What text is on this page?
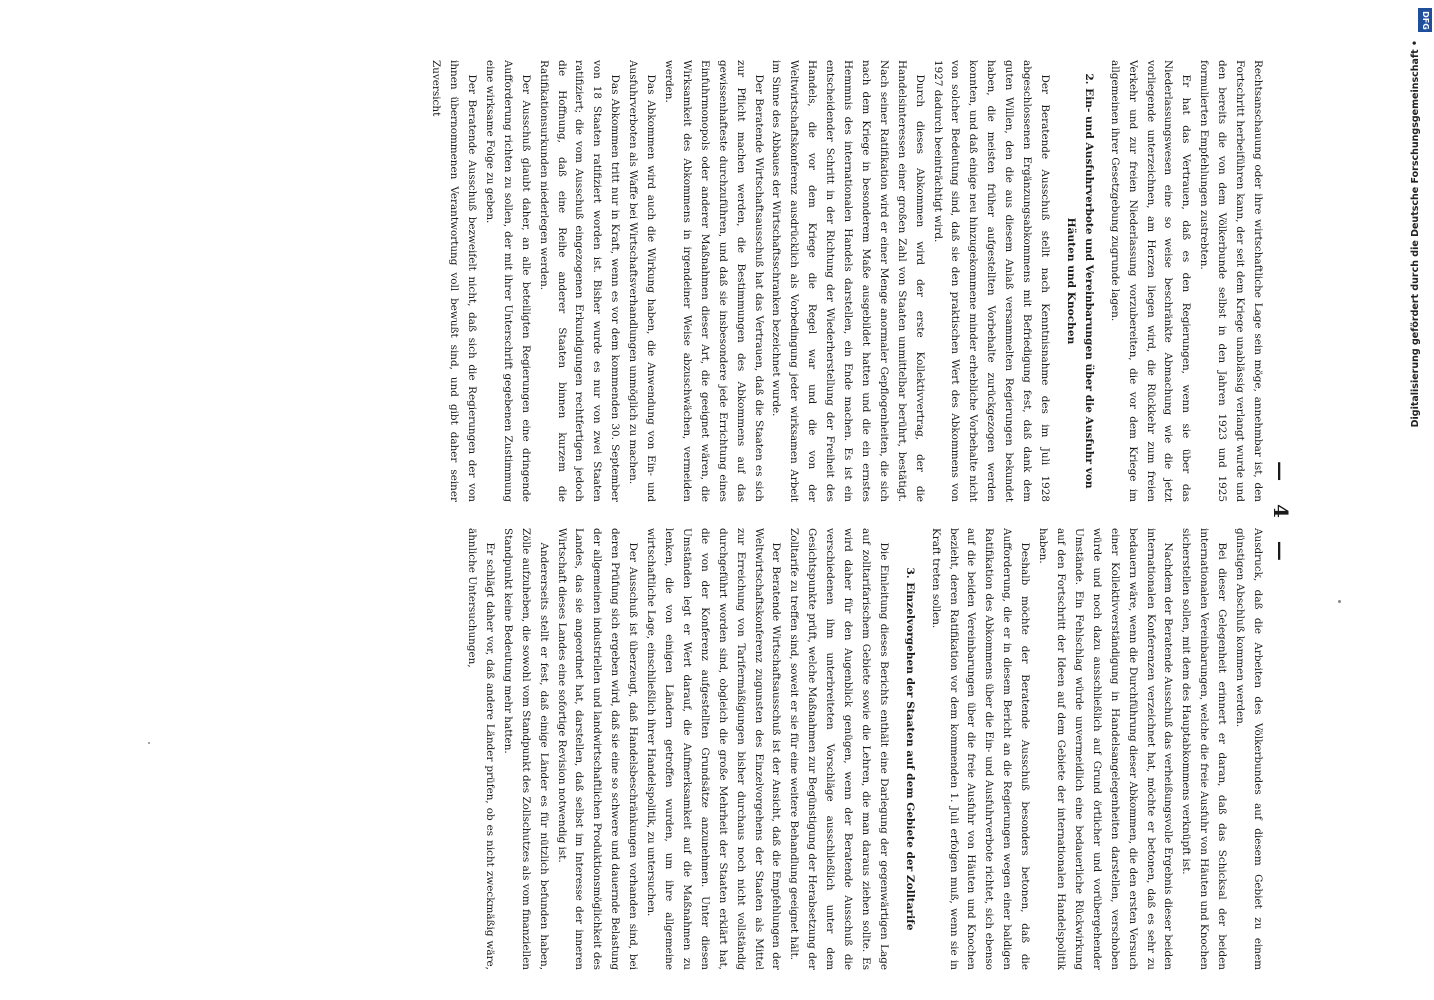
— 4 —

Rechtsanschauung oder ihre wirtschaftliche Lage sein möge, annehmbar ist, den Fortschritt herbeiführen kann, der seit dem Kriege unablässig verlangt wurde und den bereits die von dem Völkerbunde selbst in den Jahren 1923 und 1925 formulierten Empfehlungen zustrebten.

Er hat das Vertrauen, daß es den Regierungen, wenn sie über das Niederlassungswesen eine so weise beschränkte Abmachung wie die jetzt vorliegende unterzeichnen, am Herzen liegen wird, die Rückkehr zum freien Verkehr und zur freien Niederlassung vorzubereiten, die vor dem Kriege im allgemeinen ihrer Gesetzgebung zugrunde lagen.

2. Ein- und Ausfuhrverbote und Vereinbarungen über die Ausfuhr von Häuten und Knochen

Der Beratende Ausschuß stellt nach Kenntnisnahme des im Juli 1928 abgeschlossenen Ergänzungsabkommens mit Befriedigung fest, daß dank dem guten Willen, den die aus diesem Anlaß versammelten Regierungen bekundet haben, die meisten früher aufgestellten Vorbehalte zurückgezogen werden konnten, und daß einige neu hinzugekommene minder erhebliche Vorbehalte nicht von solcher Bedeutung sind, daß sie den praktischen Wert des Abkommens von 1927 dadurch beeinträchtigt wird.

Durch dieses Abkommen wird der erste Kollektivvertrag, der die Handelsinteressen einer großen Zahl von Staaten unmittelbar berührt, bestätigt. Nach seiner Ratifikation wird er einer Menge anormaler Gepflogenheiten, die sich nach dem Kriege in besonderem Maße ausgebildet hatten und die ein ernstes Hemmnis des internationalen Handels darstellen, ein Ende machen. Es ist ein entscheidender Schritt in der Richtung der Wiederherstellung der Freiheit des Handels, die vor dem Kriege die Regel war und die von der Weltwirtschaftskonferenz ausdrücklich als Vorbedingung jeder wirksamen Arbeit im Sinne des Abbaues der Wirtschaftsschranken bezeichnet wurde.

Der Beratende Wirtschaftsausschuß hat das Vertrauen, daß die Staaten es sich zur Pflicht machen werden, die Bestimmungen des Abkommens auf das gewissenhafteste durchzuführen, und daß sie insbesondere jede Errichtung eines Einfuhrmonopols oder anderer Maßnahmen dieser Art, die geeignet wären, die Wirksamkeit des Abkommens in irgendeiner Weise abzuschwächen, vermeiden werden.

Das Abkommen wird auch die Wirkung haben, die Anwendung von Ein- und Ausfuhrverboten als Waffe bei Wirtschaftsverhandlungen unmöglich zu machen.

Das Abkommen tritt nur in Kraft, wenn es vor dem kommenden 30. September von 18 Staaten ratifiziert worden ist. Bisher wurde es nur von zwei Staaten ratifiziert; die vom Ausschuß eingezogenen Erkundigungen rechtfertigen jedoch die Hoffnung, daß eine Reihe anderer Staaten binnen kurzem die Ratifikationsurkunden niederlegen werden.

Der Ausschuß glaubt daher, an alle beteiligten Regierungen eine dringende Aufforderung richten zu sollen, der mit ihrer Unterschrift gegebenen Zustimmung eine wirksame Folge zu geben.

Der Beratende Ausschuß bezweifelt nicht, daß sich die Regierungen der von ihnen übernommenen Verantwortung voll bewußt sind, und gibt daher seiner Zuversicht

Ausdruck, daß die Arbeiten des Völkerbundes auf diesem Gebiet zu einem günstigen Abschluß kommen werden.

Bei dieser Gelegenheit erinnert er daran, daß das Schicksal der beiden internationalen Vereinbarungen, welche die freie Ausfuhr von Häuten und Knochen sicherstellen sollen, mit dem des Hauptabkommens verknüpft ist.

Nachdem der Beratende Ausschuß das verheißungsvolle Ergebnis dieser beiden internationalen Konferenzen verzeichnet hat, möchte er betonen, daß es sehr zu bedauern wäre, wenn die Durchführung dieser Abkommen, die den ersten Versuch einer Kollektivverständigung in Handelsangelegenheiten darstellen, verschoben würde und noch dazu ausschließlich auf Grund örtlicher und vorübergehender Umstände. Ein Fehlschlag würde unvermeidlich eine bedauerliche Rückwirkung auf den Fortschritt der Ideen auf dem Gebiete der internationalen Handelspolitik haben.

Deshalb möchte der Beratende Ausschuß besonders betonen, daß die Aufforderung, die er in diesem Bericht an die Regierungen wegen einer baldigen Ratifikation des Abkommens über die Ein- und Ausfuhrverbote richtet, sich ebenso auf die beiden Vereinbarungen über die freie Ausfuhr von Häuten und Knochen bezieht, deren Ratifikation vor dem kommenden 1. Juli erfolgen muß, wenn sie in Kraft treten sollen.

3. Einzelvorgehen der Staaten auf dem Gebiete der Zolltarife

Die Einleitung dieses Berichts enthält eine Darlegung der gegenwärtigen Lage auf zolltarifarischem Gebiete sowie die Lehren, die man daraus ziehen sollte. Es wird daher für den Augenblick genügen, wenn der Beratende Ausschuß die verschiedenen ihm unterbreiteten Vorschläge ausschließlich unter dem Gesichtspunkte prüft, welche Maßnahmen zur Begünstigung der Herabsetzung der Zolltarife zu treffen sind, soweit er sie für eine weitere Behandlung geeignet hält.

Der Beratende Wirtschaftsausschuß ist der Ansicht, daß die Empfehlungen der Weltwirtschaftskonferenz zugunsten des Einzelvorgehens der Staaten als Mittel zur Erreichung von Tarifermäßigungen bisher durchaus noch nicht vollständig durchgeführt worden sind, obgleich die große Mehrheit der Staaten erklärt hat, die von der Konferenz aufgestellten Grundsätze anzunehmen. Unter diesen Umständen legt er Wert darauf, die Aufmerksamkeit auf die Maßnahmen zu lenken, die von einigen Ländern getroffen wurden, um ihre allgemeine wirtschaftliche Lage, einschließlich ihrer Handelspolitik, zu untersuchen.

Der Ausschuß ist überzeugt, daß Handelsbeschränkungen vorhanden sind, bei deren Prüfung sich ergeben wird, daß sie eine so schwere und dauernde Belastung der allgemeinen industriellen und landwirtschaftlichen Produktionsmöglichkeit des Landes, das sie angeordnet hat, darstellen, daß selbst im Interesse der inneren Wirtschaft dieses Landes eine sofortige Revision notwendig ist.

Andererseits stellt er fest, daß einige Länder es für nützlich befunden haben, Zölle aufzuheben, die sowohl vom Standpunkt des Zollschutzes als vom finanziellen Standpunkt keine Bedeutung mehr hatten.

Er schlägt daher vor, daß andere Länder prüfen, ob es nicht zweckmäßig wäre, ähnliche Untersuchungen,

Digitalisierung gefördert durch die Deutsche Forschungsgemeinschaft •
DFG
